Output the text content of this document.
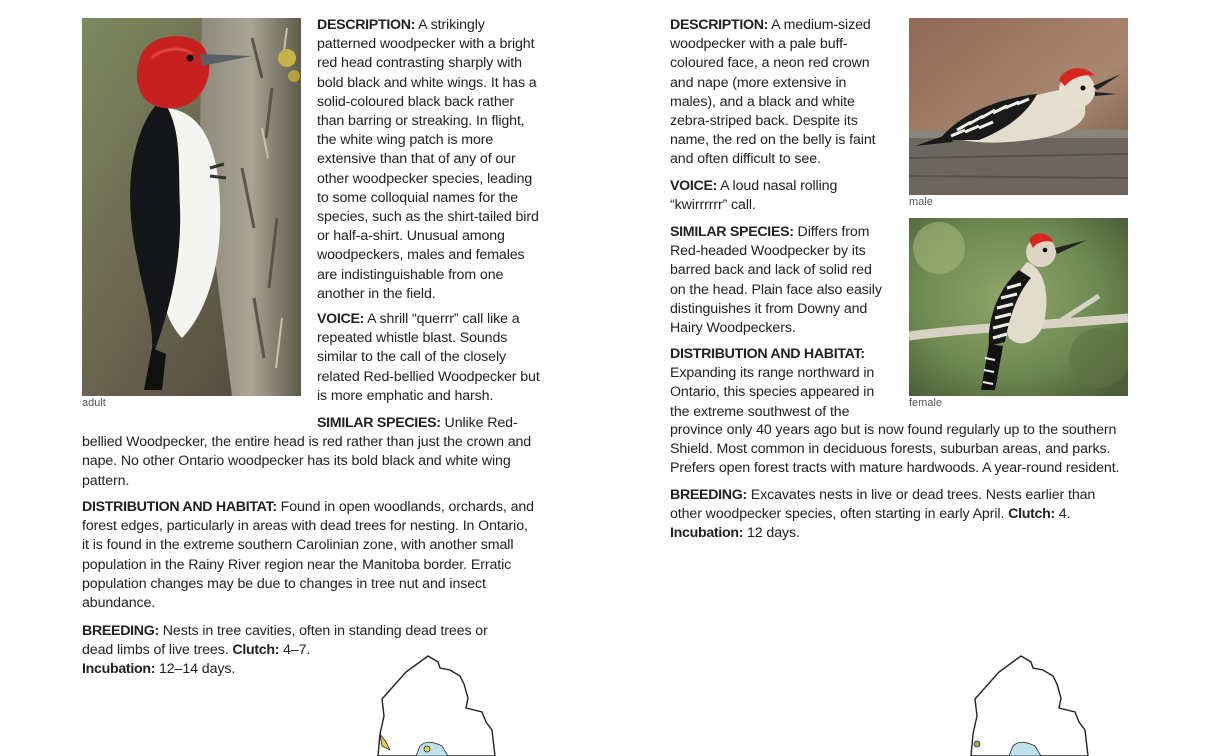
adult

DESCRIPTION: A strikingly patterned woodpecker with a bright red head contrasting sharply with bold black and white wings. It has a solid-coloured black back rather than barring or streaking. In flight, the white wing patch is more extensive than that of any of our other woodpecker species, leading to some colloquial names for the species, such as the shirt-tailed bird or half-a-shirt. Unusual among woodpeckers, males and females are indistinguishable from one another in the field.

VOICE: A shrill “querrr” call like a repeated whistle blast. Sounds similar to the call of the closely related Red-bellied Woodpecker but is more emphatic and harsh.

SIMILAR SPECIES: Unlike Red-bellied Woodpecker, the entire head is red rather than just the crown and nape. No other Ontario woodpecker has its bold black and white wing pattern.

DISTRIBUTION AND HABITAT: Found in open woodlands, orchards, and forest edges, particularly in areas with dead trees for nesting. In Ontario, it is found in the extreme southern Carolinian zone, with another small population in the Rainy River region near the Manitoba border. Erratic population changes may be due to changes in tree nut and insect abundance.

BREEDING: Nests in tree cavities, often in standing dead trees or dead limbs of live trees. Clutch: 4–7.
Incubation: 12–14 days.

DESCRIPTION: A medium-sized woodpecker with a pale buff-coloured face, a neon red crown and nape (more extensive in males), and a black and white zebra-striped back. Despite its name, the red on the belly is faint and often difficult to see.

VOICE: A loud nasal rolling “kwirrrrrr” call.

SIMILAR SPECIES: Differs from Red-headed Woodpecker by its barred back and lack of solid red on the head. Plain face also easily distinguishes it from Downy and Hairy Woodpeckers.

DISTRIBUTION AND HABITAT:
Expanding its range northward in Ontario, this species appeared in the extreme southwest of the

province only 40 years ago but is now found regularly up to the southern Shield. Most common in deciduous forests, suburban areas, and parks. Prefers open forest tracts with mature hardwoods. A year-round resident.

BREEDING: Excavates nests in live or dead trees. Nests earlier than other woodpecker species, often starting in early April. Clutch: 4.
Incubation: 12 days.

male
female
